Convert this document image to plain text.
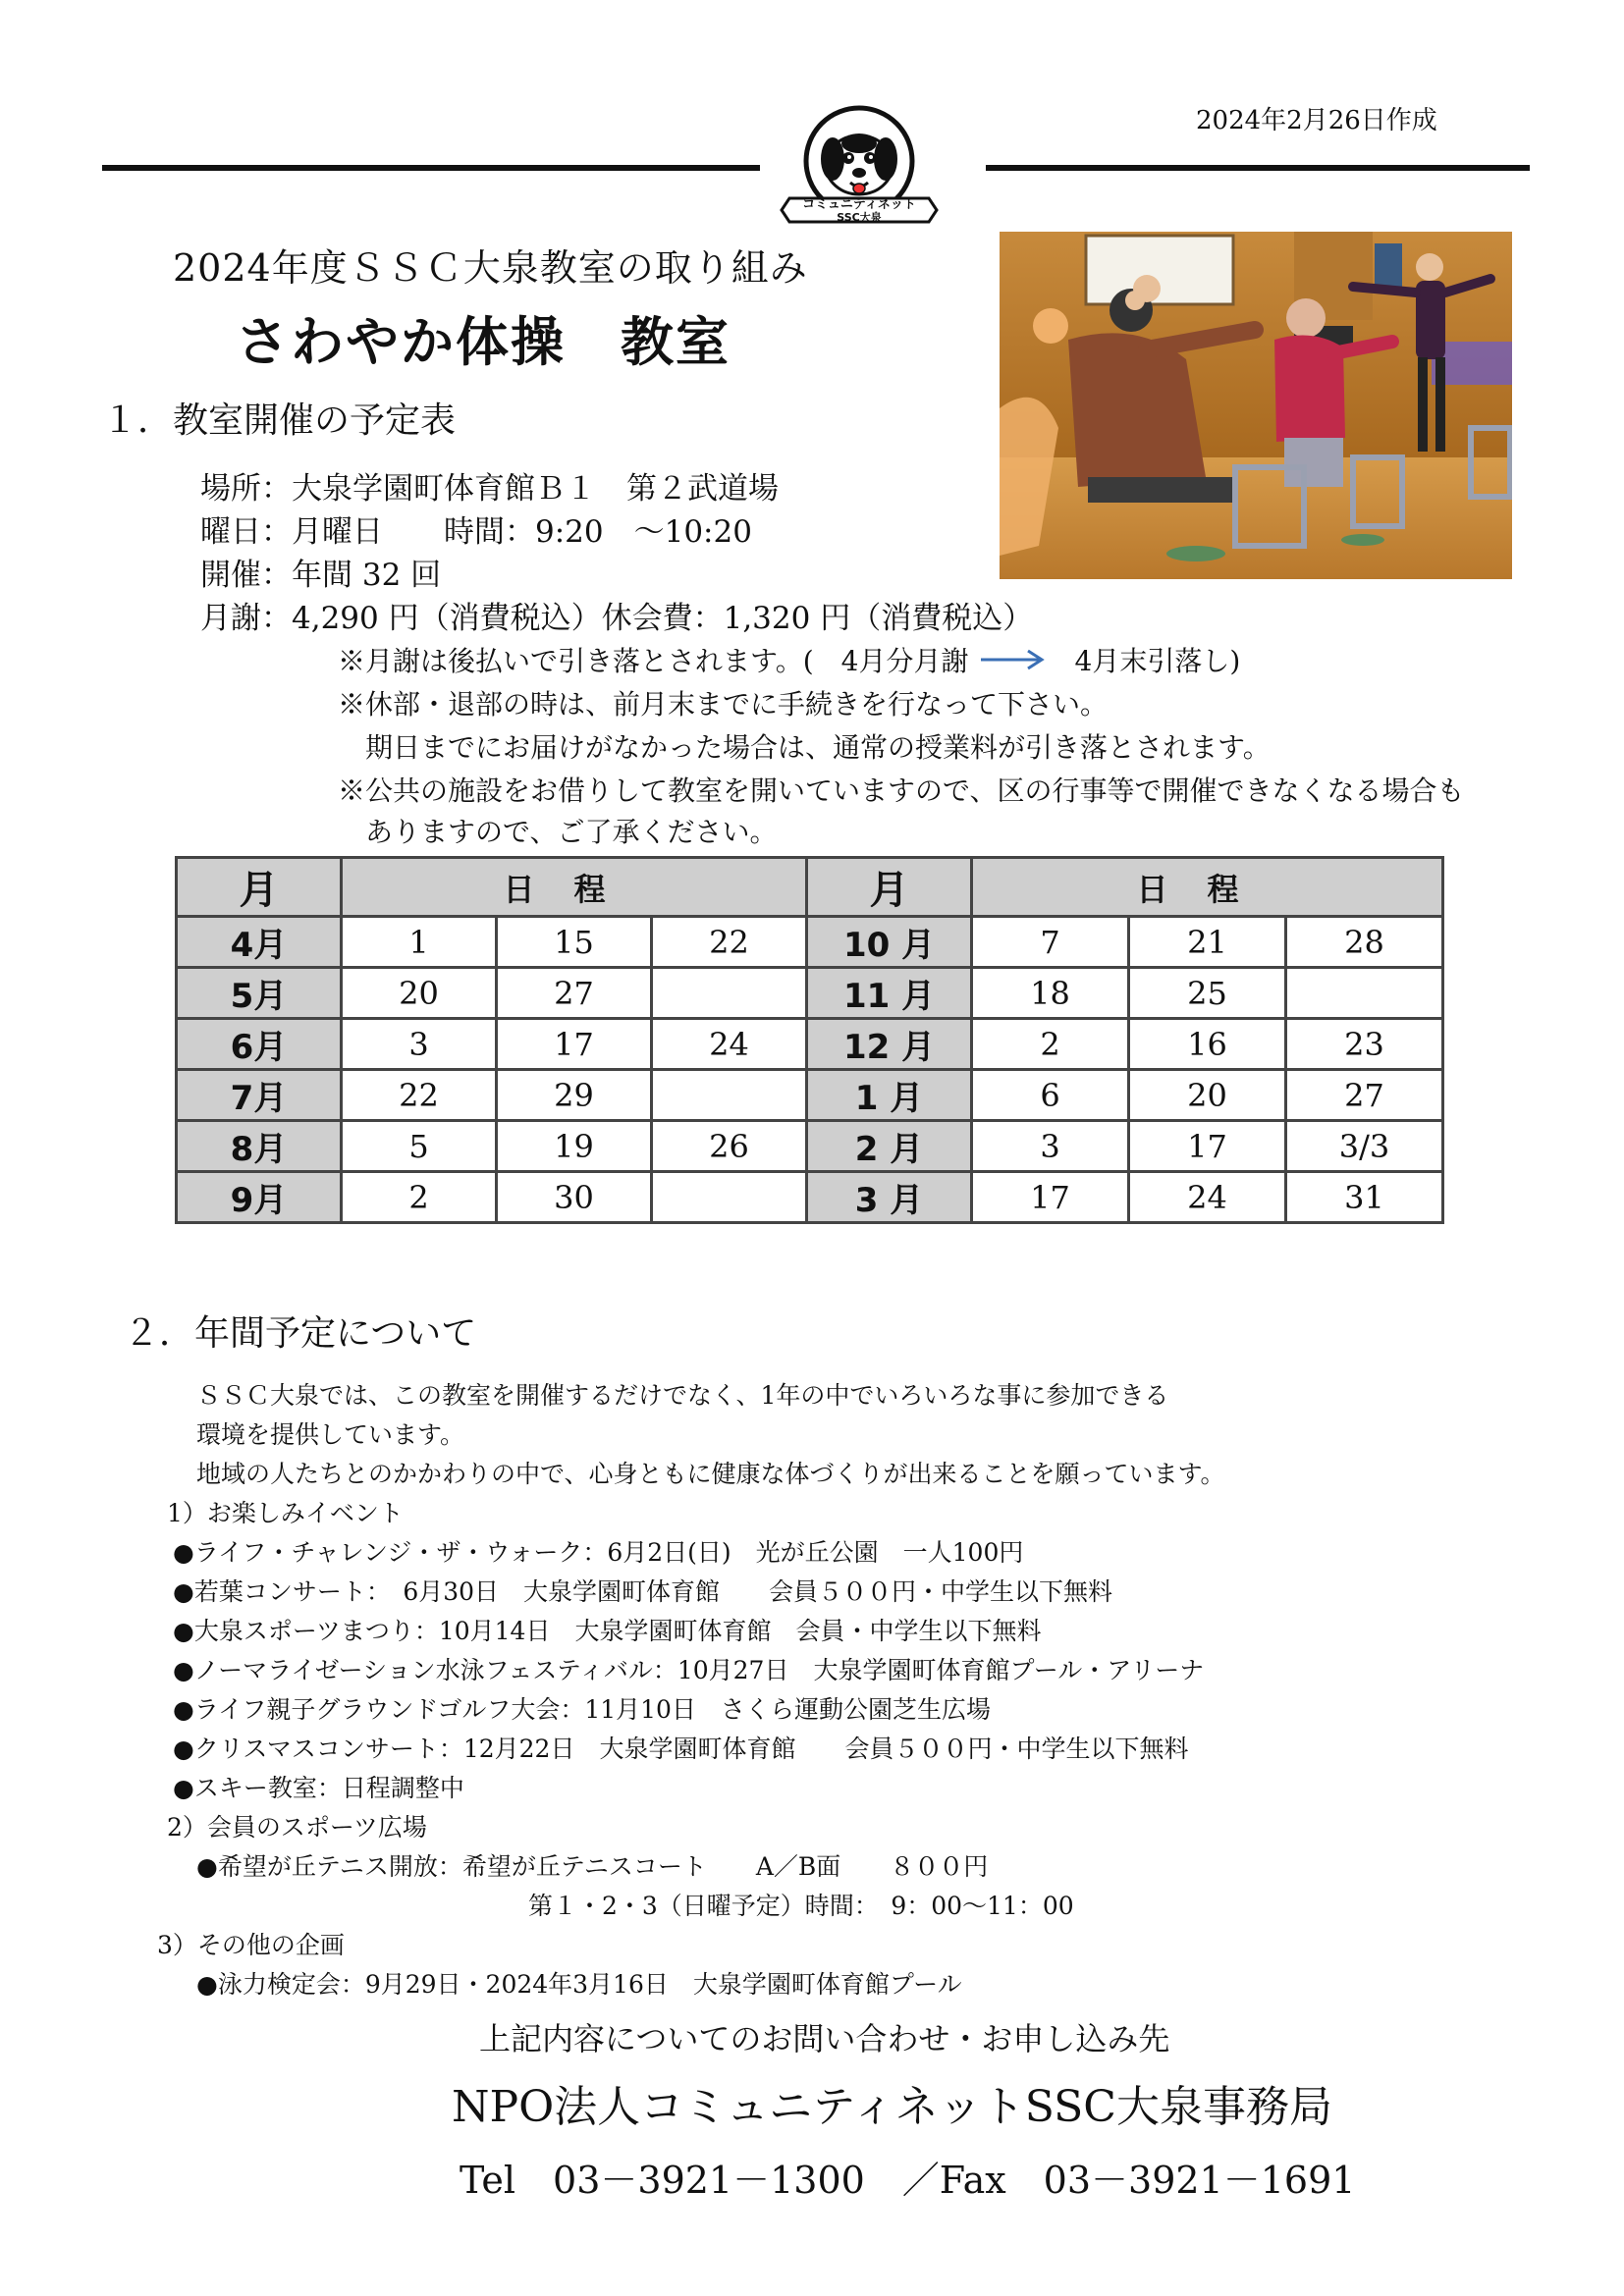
2024年2月26日作成
コミュニティネット
SSC大泉
2024年度ＳＳＣ大泉教室の取り組み
さわやか体操　教室
１．教室開催の予定表
場所：大泉学園町体育館Ｂ１　第２武道場
曜日：月曜日　　時間：9:20　～10:20
開催：年間 32 回
月謝：4,290 円（消費税込）休会費：1,320 円（消費税込）
※月謝は後払いで引き落とされます。(　4月分月謝	4月末引落し)
※休部・退部の時は、前月末までに手続きを行なって下さい。
　期日までにお届けがなかった場合は、通常の授業料が引き落とされます。
※公共の施設をお借りして教室を開いていますので、区の行事等で開催できなくなる場合も
　ありますので、ご了承ください。
月	日程			月	日程		
4月	1	15	22	10 月	7	21	28
5月	20	27		11 月	18	25	
6月	3	17	24	12 月	2	16	23
7月	22	29		1 月	6	20	27
8月	5	19	26	2 月	3	17	3/3
9月	2	30		3 月	17	24	31
２．年間予定について
ＳＳＣ大泉では、この教室を開催するだけでなく、1年の中でいろいろな事に参加できる
環境を提供しています。
地域の人たちとのかかわりの中で、心身ともに健康な体づくりが出来ることを願っています。
1）お楽しみイベント
●ライフ・チャレンジ・ザ・ウォーク：6月2日(日)　光が丘公園　一人100円
●若葉コンサート：　6月30日　大泉学園町体育館　　会員５００円・中学生以下無料
●大泉スポーツまつり：10月14日　大泉学園町体育館　会員・中学生以下無料
●ノーマライゼーション水泳フェスティバル：10月27日　大泉学園町体育館プール・アリーナ
●ライフ親子グラウンドゴルフ大会：11月10日　さくら運動公園芝生広場
●クリスマスコンサート：12月22日　大泉学園町体育館　　会員５００円・中学生以下無料
●スキー教室：日程調整中
2）会員のスポーツ広場
●希望が丘テニス開放：希望が丘テニスコート　　A／B面　　８００円
第１・2・3（日曜予定）時間：　9：00～11：00
3）その他の企画
●泳力検定会：9月29日・2024年3月16日　大泉学園町体育館プール
上記内容についてのお問い合わせ・お申し込み先
NPO法人コミュニティネットSSC大泉事務局
Tel　03－3921－1300　／Fax　03－3921－1691
